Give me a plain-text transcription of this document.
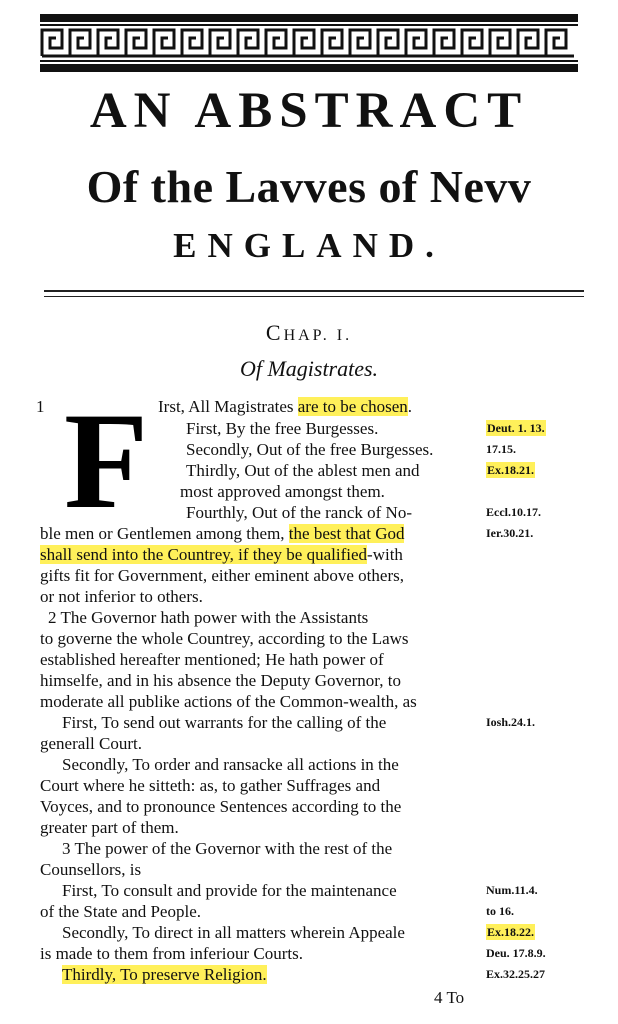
AN ABSTRACT
Of the Lavves of Nevv
ENGLAND.
CHAP. I.
Of Magistrates.
1 F Irst, All Magistrates are to be chosen.
First, By the free Burgesses.
Secondly, Out of the free Burgesses.
Thirdly, Out of the ablest men and
most approved amongst them.
Fourthly, Out of the ranck of No-
ble men or Gentlemen among them, the best that God
shall send into the Countrey, if they be qualified-with
gifts fit for Government, either eminent above others,
or not inferior to others.
2 The Governor hath power with the Assistants
to governe the whole Countrey, according to the Laws
established hereafter mentioned; He hath power of
himselfe, and in his absence the Deputy Governor, to
moderate all publike actions of the Common-wealth, as
First, To send out warrants for the calling of the
generall Court.
Secondly, To order and ransacke all actions in the
Court where he sitteth: as, to gather Suffrages and
Voyces, and to pronounce Sentences according to the
greater part of them.
3 The power of the Governor with the rest of the
Counsellors, is
First, To consult and provide for the maintenance
of the State and People.
Secondly, To direct in all matters wherein Appeale
is made to them from inferiour Courts.
Thirdly, To preserve Religion.
4 To
Deut. 1. 13.
17.15.
Ex.18.21.
Eccl.10.17.
Ier.30.21.
Iosh.24.1.
Num.11.4.
to 16.
Ex.18.22.
Deu. 17.8.9.
Ex.32.25.27
